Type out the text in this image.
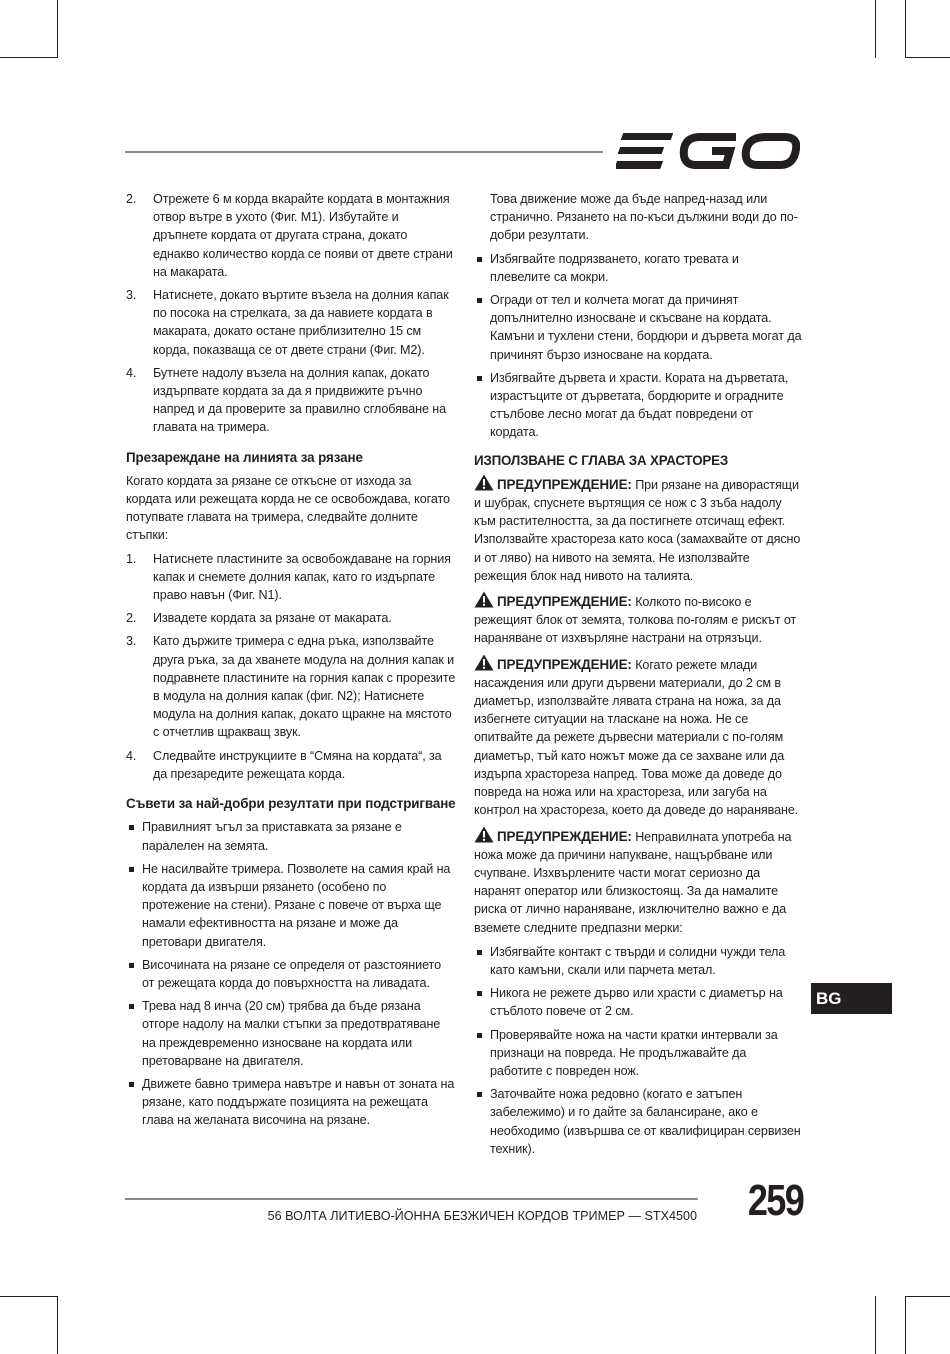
2.	Отрежете 6 м корда вкарайте кордата в монтажния отвор вътре в ухото (Фиг. M1). Избутайте и дръпнете кордата от другата страна, докато еднакво количество корда се появи от двете страни на макарата.
3.	Натиснете, докато въртите възела на долния капак по посока на стрелката, за да навиете кордата в макарата, докато остане приблизително 15 см корда, показваща се от двете страни (Фиг. M2).
4.	Бутнете надолу възела на долния капак, докато издърпвате кордата за да я придвижите ръчно напред и да проверите за правилно сглобяване на главата на тримера.
Презареждане на линията за рязане

Когато кордата за рязане се откъсне от изхода за кордата или режещата корда не се освобождава, когато потупвате главата на тримера, следвайте долните стъпки:

1.	Натиснете пластините за освобождаване на горния капак и снемете долния капак, като го издърпате право навън (Фиг. N1).
2.	Извадете кордата за рязане от макарата.
3.	Като държите тримера с една ръка, използвайте друга ръка, за да хванете модула на долния капак и подравнете пластините на горния капак с прорезите в модула на долния капак (фиг. N2); Натиснете модула на долния капак, докато щракне на мястото с отчетлив щракващ звук.
4.	Следвайте инструкциите в “Смяна на кордата“, за да презаредите режещата корда.
Съвети за най-добри резултати при подстригване
Правилният ъгъл за приставката за рязане е паралелен на земята.
Не насилвайте тримера. Позволете на самия край на кордата да извърши рязането (особено по протежение на стени). Рязане с повече от върха ще намали ефективността на рязане и може да претовари двигателя.
Височината на рязане се определя от разстоянието от режещата корда до повърхността на ливадата.
Трева над 8 инча (20 см) трябва да бъде рязана отгоре надолу на малки стъпки за предотвратяване на преждевременно износване на кордата или претоварване на двигателя.
Движете бавно тримера навътре и навън от зоната на рязане, като поддържате позицията на режещата глава на желаната височина на рязане.
Това движение може да бъде напред-назад или странично. Рязането на по-къси дължини води до по-добри резултати.
Избягвайте подрязването, когато тревата и плевелите са мокри.
Огради от тел и колчета могат да причинят допълнително износване и скъсване на кордата. Камъни и тухлени стени, бордюри и дървета могат да причинят бързо износване на кордата.
Избягвайте дървета и храсти. Кората на дърветата, израстъците от дърветата, бордюрите и оградните стълбове лесно могат да бъдат повредени от кордата.
ИЗПОЛЗВАНЕ С ГЛАВА ЗА ХРАСТОРЕЗ

ПРЕДУПРЕЖДЕНИЕ: При рязане на диворастящи и шубрак, спуснете въртящия се нож с 3 зъба надолу към растителността, за да постигнете отсичащ ефект. Използвайте храстореза като коса (замахвайте от дясно и от ляво) на нивото на земята. Не използвайте режещия блок над нивото на талията.

ПРЕДУПРЕЖДЕНИЕ: Колкото по-високо е режещият блок от земята, толкова по-голям е рискът от нараняване от изхвърляне настрани на отрязъци.

ПРЕДУПРЕЖДЕНИЕ: Когато режете млади насаждения или други дървени материали, до 2 см в диаметър, използвайте лявата страна на ножа, за да избегнете ситуации на тласкане на ножа. Не се опитвайте да режете дървесни материали с по-голям диаметър, тъй като ножът може да се захване или да издърпа храстореза напред. Това може да доведе до повреда на ножа или на храстореза, или загуба на контрол на храстореза, което да доведе до нараняване.

ПРЕДУПРЕЖДЕНИЕ: Неправилната употреба на ножа може да причини напукване, нащърбване или счупване. Изхвърлените части могат сериозно да наранят оператор или близкостоящ. За да намалите риска от лично нараняване, изключително важно е да вземете следните предпазни мерки:

Избягвайте контакт с твърди и солидни чужди тела като камъни, скали или парчета метал.
Никога не режете дърво или храсти с диаметър на стъблото повече от 2 см.
Проверявайте ножа на части кратки интервали за признаци на повреда. Не продължавайте да работите с повреден нож.
Заточвайте ножа редовно (когато е затъпен забележимо) и го дайте за балансиране, ако е необходимо (извършва се от квалифициран сервизен техник).
BG
56 ВОЛТА ЛИТИЕВО-ЙОННА БЕЗЖИЧЕН КОРДОВ ТРИМЕР — STX4500 259
